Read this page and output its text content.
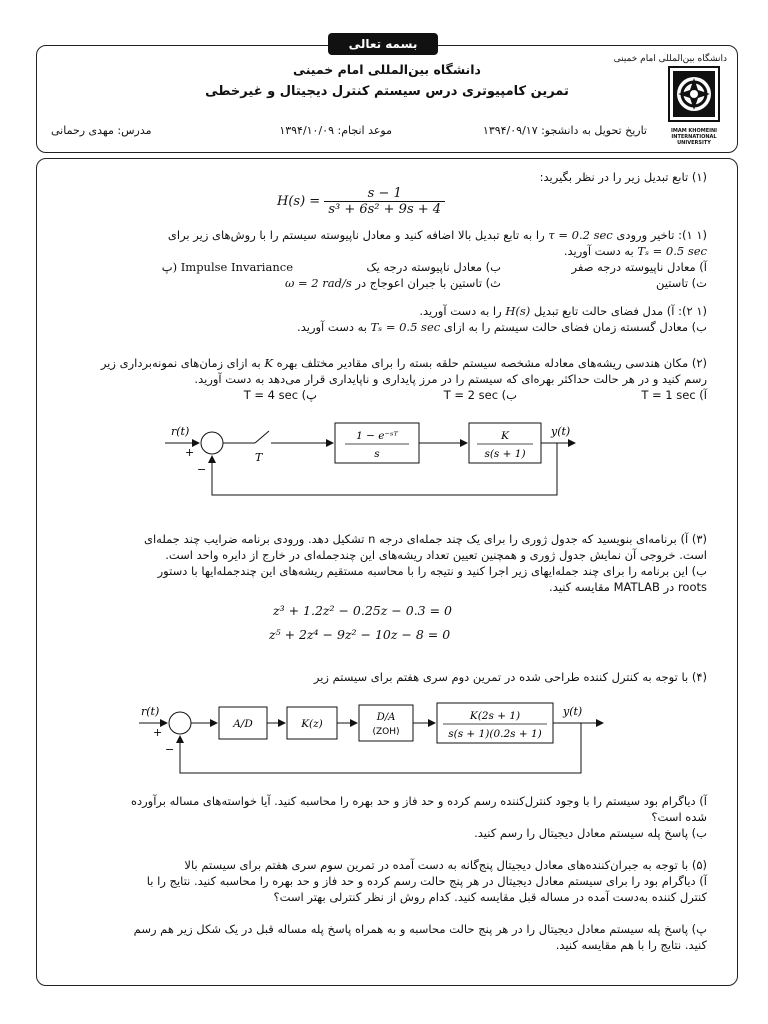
بسمه تعالی
دانشگاه بین‌المللی امام خمینی
تمرین کامپیوتری درس سیستم کنترل دیجیتال و غیرخطی
تاریخ تحویل به دانشجو: ۱۳۹۴/۰۹/۱۷
موعد انجام: ۱۳۹۴/۱۰/۰۹
مدرس: مهدی رحمانی
دانشگاه بین‌المللی امام خمینی
IMAM KHOMEINI
INTERNATIONAL UNIVERSITY
(۱) تابع تبدیل زیر را در نظر بگیرید:
$H(s) = \frac{s - 1}{\text{s³ + 6s² + 9s + 4}}$
(۱ ۱): تاخیر ورودی τ = 0.2 sec را به تابع تبدیل بالا اضافه کنید و معادل ناپیوسته سیستم را با روش‌های زیر برای
Tₛ = 0.5 sec به دست آورید.
آ) معادل ناپیوسته درجه صفر
ب) معادل ناپیوسته درجه یک
پ) Impulse Invariance
ت) تاستین
ث) تاستین با جبران اعوجاج در ω = 2 rad/s
(۱ ۲): آ) مدل فضای حالت تابع تبدیل H(s) را به دست آورید.
ب) معادل گسسته زمان فضای حالت سیستم را به ازای Tₛ = 0.5 sec به دست آورید.
(۲) مکان هندسی ریشه‌های معادله مشخصه سیستم حلقه بسته را برای مقادیر مختلف بهره K به ازای زمان‌های نمونه‌برداری زیر
رسم کنید و در هر حالت حداکثر بهره‌ای که سیستم را در مرز پایداری و ناپایداری قرار می‌دهد به دست آورید.
آ) T = 1 sec
ب) T = 2 sec
پ) T = 4 sec
r(t)
+
−
T
1 − e⁻ˢᵀ
s
K
s(s + 1)
y(t)
(۳) آ) برنامه‌ای بنویسید که جدول ژوری را برای یک چند جمله‌ای درجه n تشکیل دهد. ورودی برنامه ضرایب چند جمله‌ای
است. خروجی آن نمایش جدول ژوری و همچنین تعیین تعداد ریشه‌های این چندجمله‌ای در خارج از دایره واحد است.
ب) این برنامه را برای چند جمله‌ایهای زیر اجرا کنید و نتیجه را با محاسبه مستقیم ریشه‌های این چندجمله‌ایها با دستور
roots در MATLAB مقایسه کنید.
z³ + 1.2z² − 0.25z − 0.3 = 0
z⁵ + 2z⁴ − 9z² − 10z − 8 = 0
(۴) با توجه به کنترل کننده طراحی شده در تمرین دوم سری هفتم برای سیستم زیر
r(t)
+
−
A/D	K(z)
D/A
(ZOH)
K(2s + 1)
s(s + 1)(0.2s + 1)
y(t)
آ) دیاگرام بود سیستم را با وجود کنترل‌کننده رسم کرده و حد فاز و حد بهره را محاسبه کنید. آیا خواسته‌های مساله برآورده
شده است؟
ب) پاسخ پله سیستم معادل دیجیتال را رسم کنید.
(۵) با توجه به جبران‌کننده‌های معادل دیجیتال پنج‌گانه به دست آمده در تمرین سوم سری هفتم برای سیستم بالا
آ) دیاگرام بود را برای سیستم معادل دیجیتال در هر پنج حالت رسم کرده و حد فاز و حد بهره را محاسبه کنید. نتایج را با
کنترل کننده به‌دست آمده در مساله قبل مقایسه کنید. کدام روش از نظر کنترلی بهتر است؟
پ) پاسخ پله سیستم معادل دیجیتال را در هر پنج حالت محاسبه و به همراه پاسخ پله مساله قبل در یک شکل زیر هم رسم
کنید. نتایج را با هم مقایسه کنید.
